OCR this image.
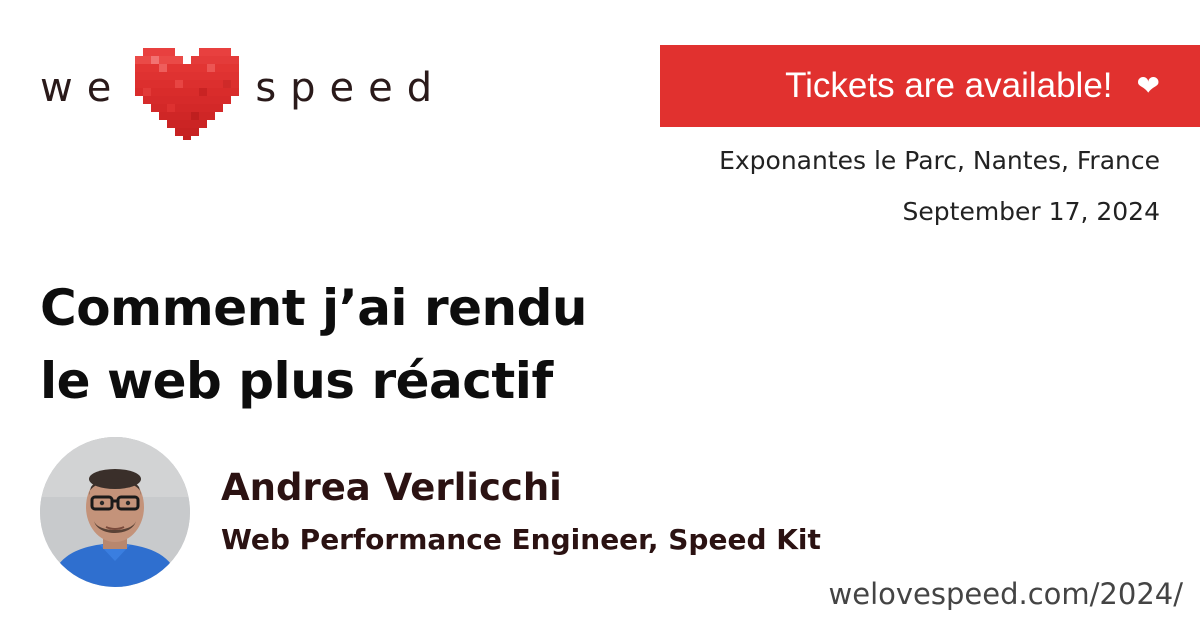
we	speed	Tickets are available! ❤
Exponantes le Parc, Nantes, France
September 17, 2024
Comment j’ai rendu
le web plus réactif
Andrea Verlicchi
Web Performance Engineer, Speed Kit
welovespeed.com/2024/
